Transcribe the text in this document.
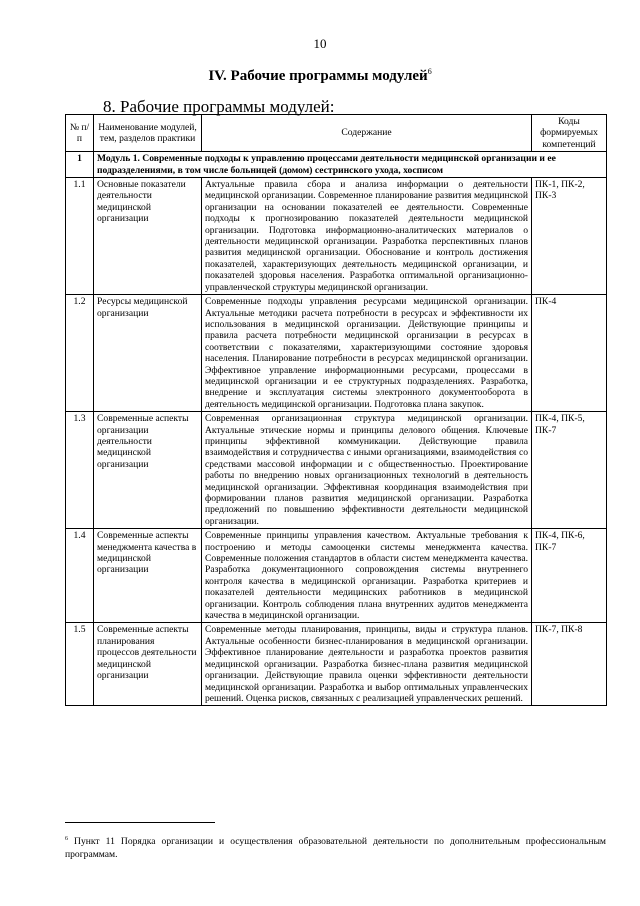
10
IV. Рабочие программы модулей$^6$
8. Рабочие программы модулей:
№ п/п	Наименование модулей, тем, разделов практики	Содержание	Коды формируемых компетенций
1	Модуль 1. Современные подходы к управлению процессами деятельности медицинской организации и ее подразделениями, в том числе больницей (домом) сестринского ухода, хосписом		
1.1	Основные показатели деятельности медицинской организации	Актуальные правила сбора и анализа информации о деятельности медицинской организации. Современное планирование развития медицинской организации на основании показателей ее деятельности. Современные подходы к прогнозированию показателей деятельности медицинской организации. Подготовка информационно-аналитических материалов о деятельности медицинской организации. Разработка перспективных планов развития медицинской организации. Обоснование и контроль достижения показателей, характеризующих деятельность медицинской организации, и показателей здоровья населения. Разработка оптимальной организационно-управленческой структуры медицинской организации.	ПК-1, ПК-2, ПК-3
1.2	Ресурсы медицинской организации	Современные подходы управления ресурсами медицинской организации. Актуальные методики расчета потребности в ресурсах и эффективности их использования в медицинской организации. Действующие принципы и правила расчета потребности медицинской организации в ресурсах в соответствии с показателями, характеризующими состояние здоровья населения. Планирование потребности в ресурсах медицинской организации. Эффективное управление информационными ресурсами, процессами в медицинской организации и ее структурных подразделениях. Разработка, внедрение и эксплуатация системы электронного документооборота в деятельность медицинской организации. Подготовка плана закупок.	ПК-4
1.3	Современные аспекты организации деятельности медицинской организации	Современная организационная структура медицинской организации. Актуальные этические нормы и принципы делового общения. Ключевые принципы эффективной коммуникации. Действующие правила взаимодействия и сотрудничества с иными организациями, взаимодействия со средствами массовой информации и с общественностью. Проектирование работы по внедрению новых организационных технологий в деятельность медицинской организации. Эффективная координация взаимодействия при формировании планов развития медицинской организации. Разработка предложений по повышению эффективности деятельности медицинской организации.	ПК-4, ПК-5, ПК-7
1.4	Современные аспекты менеджмента качества в медицинской организации	Современные принципы управления качеством. Актуальные требования к построению и методы самооценки системы менеджмента качества. Современные положения стандартов в области систем менеджмента качества. Разработка документационного сопровождения системы внутреннего контроля качества в медицинской организации. Разработка критериев и показателей деятельности медицинских работников в медицинской организации. Контроль соблюдения плана внутренних аудитов менеджмента качества в медицинской организации.	ПК-4, ПК-6, ПК-7
1.5	Современные аспекты планирования процессов деятельности медицинской организации	Современные методы планирования, принципы, виды и структура планов. Актуальные особенности бизнес-планирования в медицинской организации. Эффективное планирование деятельности и разработка проектов развития медицинской организации. Разработка бизнес-плана развития медицинской организации. Действующие правила оценки эффективности деятельности медицинской организации. Разработка и выбор оптимальных управленческих решений. Оценка рисков, связанных с реализацией управленческих решений.	ПК-7, ПК-8
$^6$ Пункт 11 Порядка организации и осуществления образовательной деятельности по дополнительным профессиональным программам.
